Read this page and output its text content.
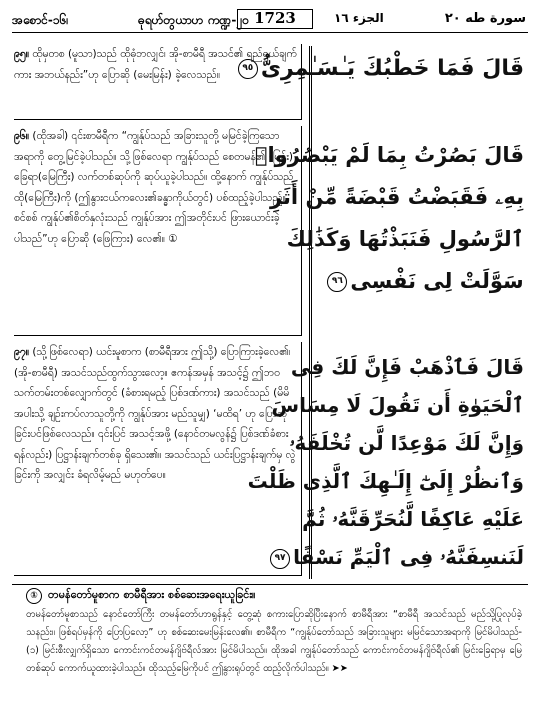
အစောင်-၁၆၊	ဓုရဟ်တွယာဟ ကဏ္ဍ-၂၀ 1723	الجزء ١٦	سورة طه ٢٠
၉၅။ ထိုမှတစ (မူသာ)သည် ထိုဓုံဘလျှင်၊ အို-စာမီရီ အသင်၏ ရည်ရွယ်ချက်ကား အဘယ်နည်း”ဟု ပြောဆို (မေးမြန်း) ခဲ့လေသည်။	قَالَ فَمَا خَطْبُكَ يَـٰسَـٰمِرِىُّ٩٥
၉၆။ (ထိုအခါ) ၎င်းစာမီရီက “ကျွန်ုပ်သည် အခြားသူတို့ မမြင်ခဲ့ကြသောအရာကို တွေ့မြင်ခဲ့ပါသည်။ သို့ဖြစ်လေရာ ကျွန်ုပ်သည် စေတမန်၏ (မြင်း) ခြေရာ(မြေကြီး) လက်တစ်ဆုပ်ကို ဆုပ်ယူခဲ့ပါသည်။ ထို့နောက် ကျွန်ုပ်သည် ထို(မြေကြီး)ကို (ဤနွားငယ်ကလေး၏ခန္ဓာကိုယ်တွင်) ပစ်ထည့်ခဲ့ပါသည်။ စင်စစ် ကျွန်ုပ်၏စိတ်နှလုံးသည် ကျွန်ုပ်အား ဤအတိုင်းပင် ဖြားယောင်းခဲ့ပါသည်”ဟု ပြောဆို (ဖြေကြား) လေ၏။ ①
قَالَ بَصُرْتُ بِمَا لَمْ يَبْصُرُوا۟
بِهِۦ فَقَبَضْتُ قَبْضَةً مِّنْ أَثَرِ
ٱلرَّسُولِ فَنَبَذْتُهَا وَكَذَٰلِكَ
سَوَّلَتْ لِى نَفْسِى٩٦
၉၇။ (သို့ဖြစ်လေရာ) ယင်းမူစာက (စာမီရီအား ဤသို့) ပြောကြားခဲ့လေ၏၊ (အို-စာမီရီ) အသင်သည်ထွက်သွားလော့။ ဧကန်အမှန် အသင့်၌ ဤဘဝသက်တမ်းတစ်လျှောက်တွင် (ခံစားရမည့် ပြစ်ဒဏ်ကား) အသင်သည် (မိမိအပါးသို့ ချဉ်းကပ်လာသူတို့ကို ကျွန်ုပ်အား မည်သူမျှ) ‘မထိရ’ ဟု ပြောဆိုခြင်းပင်ဖြစ်လေသည်။ ၎င်းပြင် အသင့်အဖို့ (နောင်တမလွန်၌ ပြစ်ဒဏ်ခံစားရန်လည်း) ပြဋ္ဌာန်းချက်တစ်ခု ရှိသေး၏။ အသင်သည် ယင်းပြဋ္ဌာန်းချက်မှ လွဲခြင်းကို အလျှင်း ခံရလိမ့်မည် မဟုတ်ပေ။
قَالَ فَٱذْهَبْ فَإِنَّ لَكَ فِى
ٱلْحَيَوٰةِ أَن تَقُولَ لَا مِسَاسَ
وَإِنَّ لَكَ مَوْعِدًا لَّن تُخْلَفَهُۥ
وَٱنظُرْ إِلَىٰٓ إِلَـٰهِكَ ٱلَّذِى ظَلْتَ
عَلَيْهِ عَاكِفًا لَّنُحَرِّقَنَّهُۥ ثُمَّ
لَنَنسِفَنَّهُۥ فِى ٱلْيَمِّ نَسْفًا٩٧
① တမန်တော်မူစာက စာမီရီအား စစ်ဆေးအရေးယူခြင်း။
တမန်တော်မူစာသည် နောင်တော်ကြီး တမန်တော်ဟာရွန်နှင့် တွေ့ဆုံ စကားပြောဆိုပြီးနောက် စာမီရီအား “စာမီရီ အသင်သည် မည်သို့ပြုလုပ်ခဲ့သနည်း။ ဖြစ်ရပ်မှန်ကို ပြောပြလော့” ဟု စစ်ဆေးမေးမြန်းလေ၏။ စာမီရီက “ကျွန်ုပ်တော်သည် အခြားသူများ မမြင်သောအရာကို မြင်မိပါသည်- (၁) မြင်းစီးလျှက်ရှိသော ကောင်းကင်တမန်ဂျိဗ်ရီလ်အား မြင်မိပါသည်။ ထိုအခါ ကျွန်ုပ်တော်သည် ကောင်းကင်တမန်ဂျိဗ်ရီလ်၏ မြင်းခြေရာမှ မြေတစ်ဆုပ် ကောက်ယူထားခဲ့ပါသည်။ ထိုသည့်မြေကိုပင် ဤနွားရုပ်တွင် ထည့်လိုက်ပါသည်။ ➤➤
